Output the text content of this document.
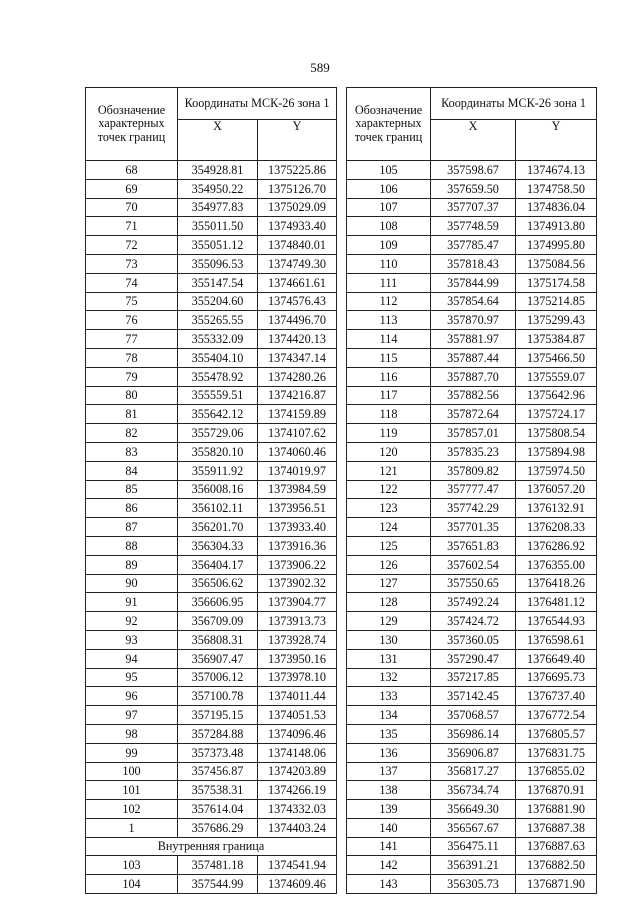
589
Обозначение характерных точек границ	Координаты МСК-26 зона 1	
	X	Y
68	354928.81	1375225.86
69	354950.22	1375126.70
70	354977.83	1375029.09
71	355011.50	1374933.40
72	355051.12	1374840.01
73	355096.53	1374749.30
74	355147.54	1374661.61
75	355204.60	1374576.43
76	355265.55	1374496.70
77	355332.09	1374420.13
78	355404.10	1374347.14
79	355478.92	1374280.26
80	355559.51	1374216.87
81	355642.12	1374159.89
82	355729.06	1374107.62
83	355820.10	1374060.46
84	355911.92	1374019.97
85	356008.16	1373984.59
86	356102.11	1373956.51
87	356201.70	1373933.40
88	356304.33	1373916.36
89	356404.17	1373906.22
90	356506.62	1373902.32
91	356606.95	1373904.77
92	356709.09	1373913.73
93	356808.31	1373928.74
94	356907.47	1373950.16
95	357006.12	1373978.10
96	357100.78	1374011.44
97	357195.15	1374051.53
98	357284.88	1374096.46
99	357373.48	1374148.06
100	357456.87	1374203.89
101	357538.31	1374266.19
102	357614.04	1374332.03
1	357686.29	1374403.24
Внутренняя граница		
103	357481.18	1374541.94
104	357544.99	1374609.46
Обозначение характерных точек границ	Координаты МСК-26 зона 1	
	X	Y
105	357598.67	1374674.13
106	357659.50	1374758.50
107	357707.37	1374836.04
108	357748.59	1374913.80
109	357785.47	1374995.80
110	357818.43	1375084.56
111	357844.99	1375174.58
112	357854.64	1375214.85
113	357870.97	1375299.43
114	357881.97	1375384.87
115	357887.44	1375466.50
116	357887.70	1375559.07
117	357882.56	1375642.96
118	357872.64	1375724.17
119	357857.01	1375808.54
120	357835.23	1375894.98
121	357809.82	1375974.50
122	357777.47	1376057.20
123	357742.29	1376132.91
124	357701.35	1376208.33
125	357651.83	1376286.92
126	357602.54	1376355.00
127	357550.65	1376418.26
128	357492.24	1376481.12
129	357424.72	1376544.93
130	357360.05	1376598.61
131	357290.47	1376649.40
132	357217.85	1376695.73
133	357142.45	1376737.40
134	357068.57	1376772.54
135	356986.14	1376805.57
136	356906.87	1376831.75
137	356817.27	1376855.02
138	356734.74	1376870.91
139	356649.30	1376881.90
140	356567.67	1376887.38
141	356475.11	1376887.63
142	356391.21	1376882.50
143	356305.73	1376871.90
